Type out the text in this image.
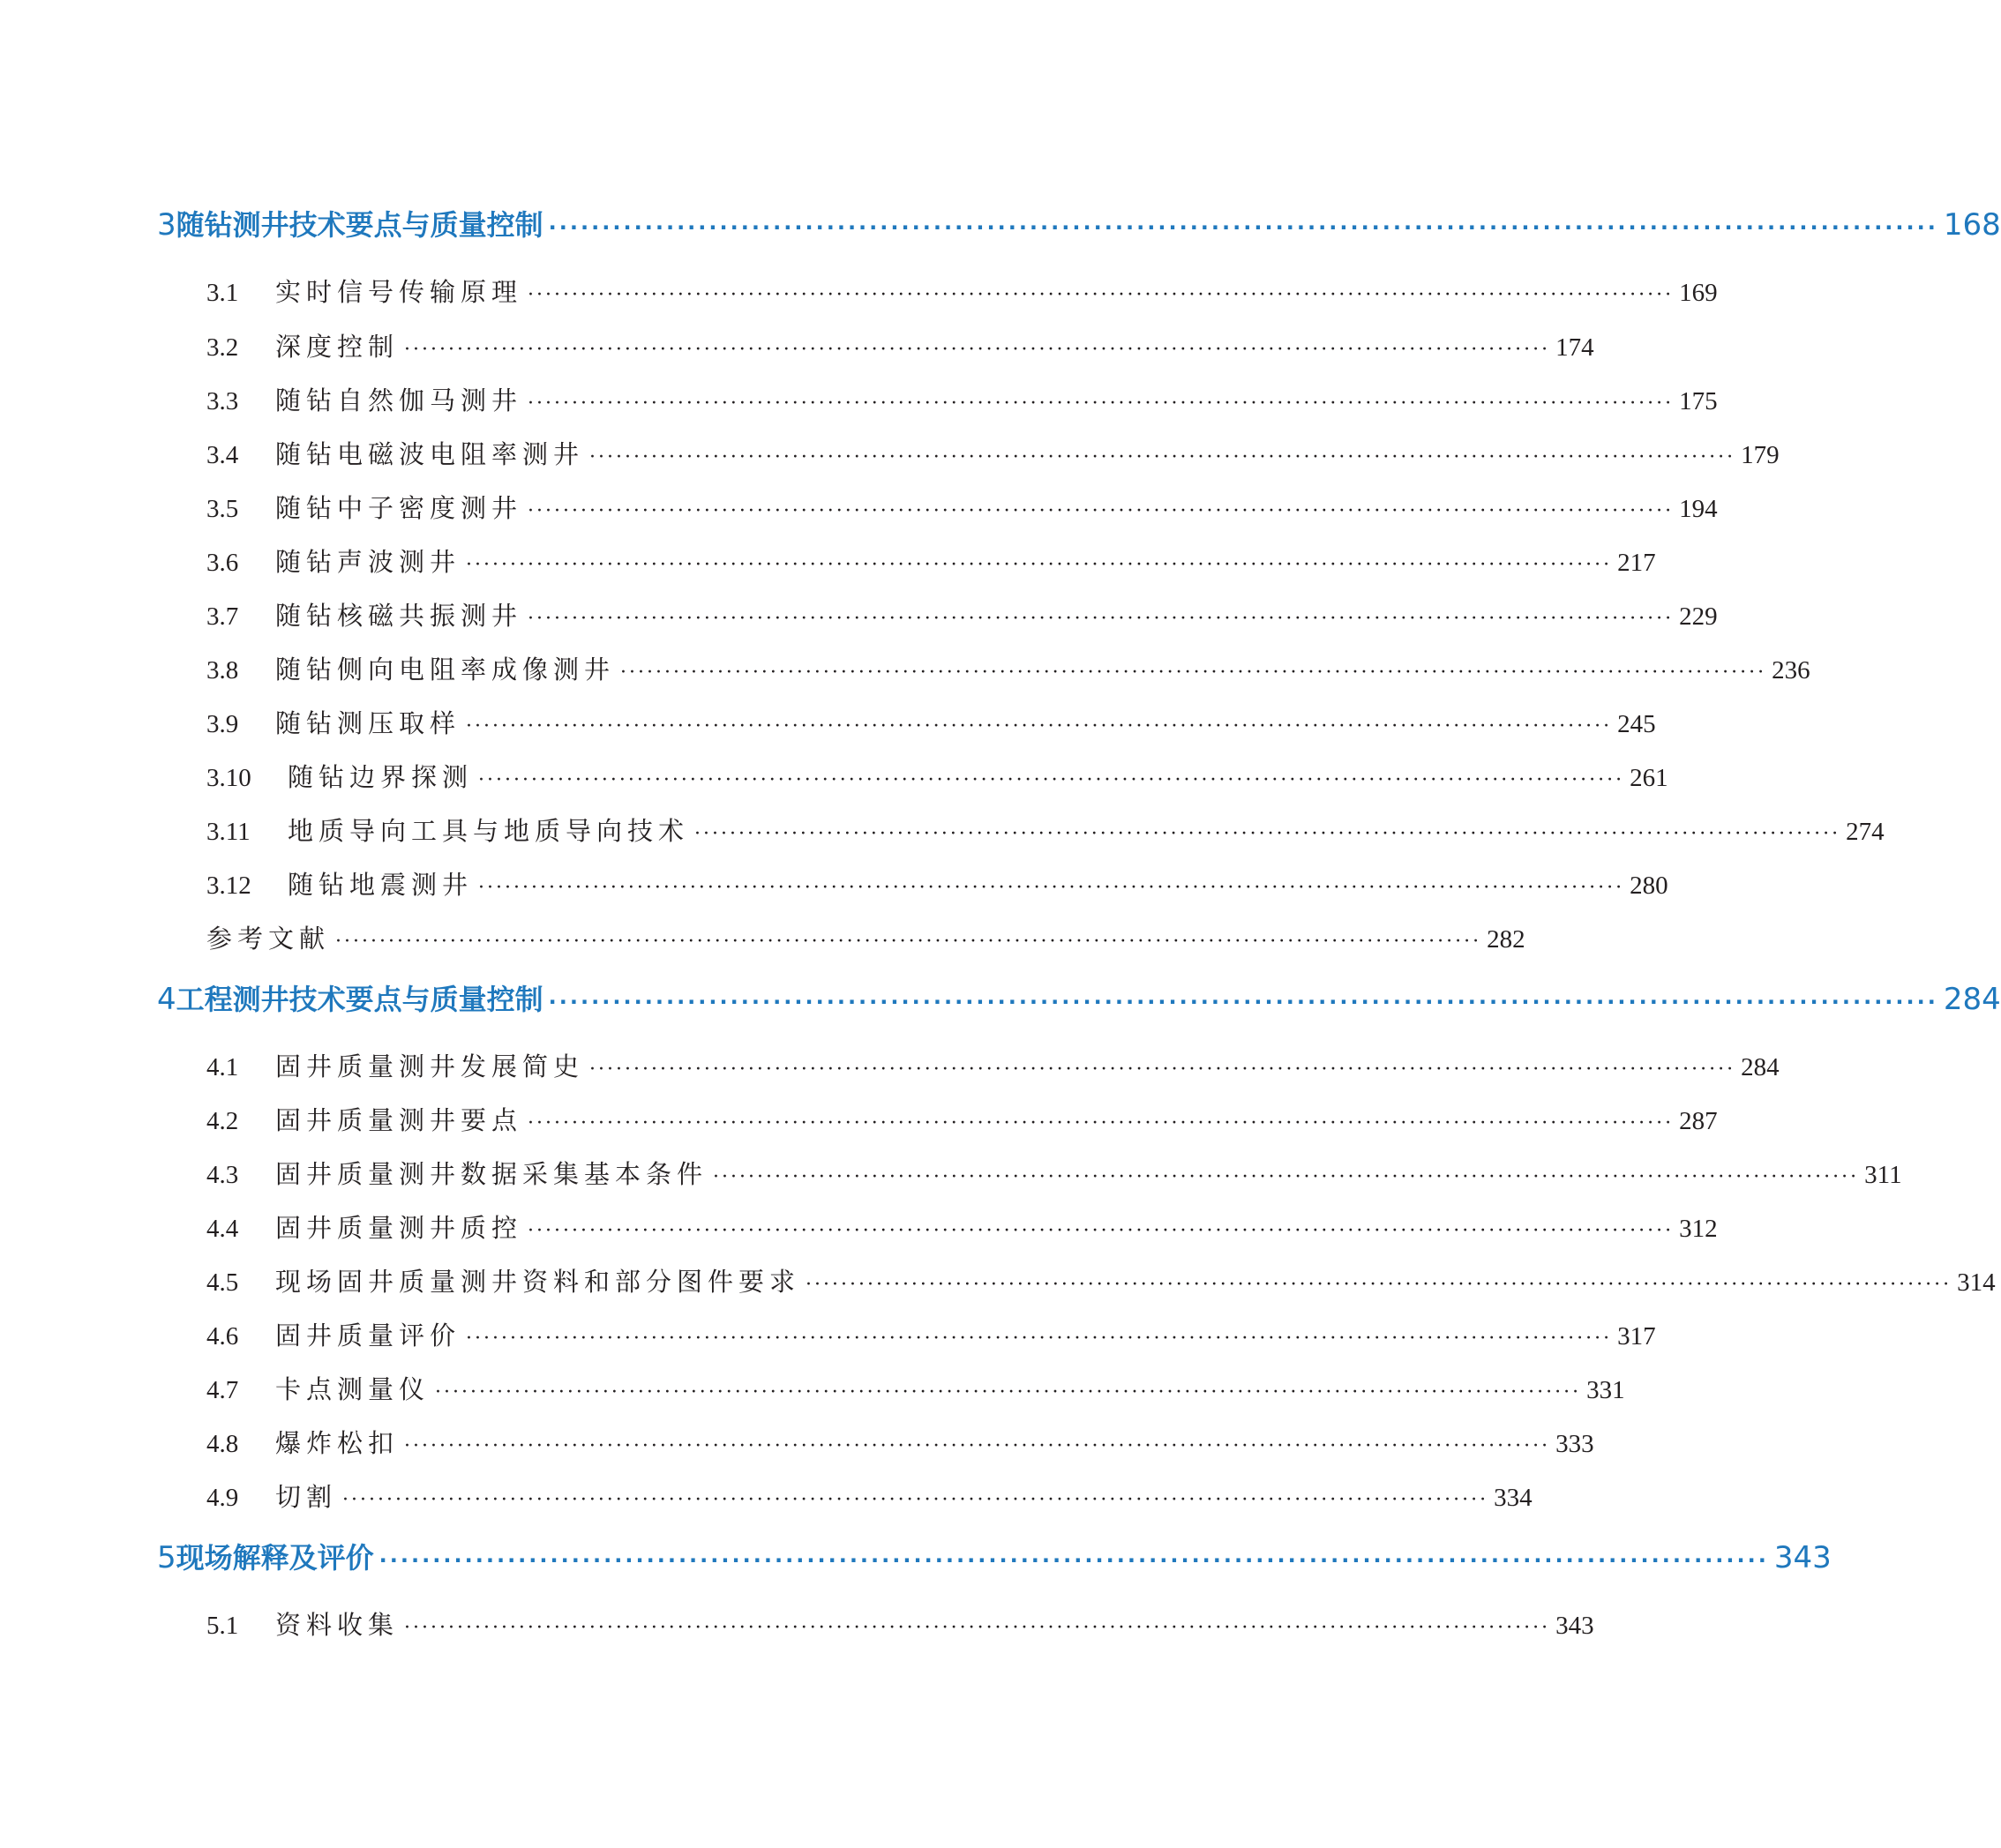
3 随钻测井技术要点与质量控制 ·································································································································· 168
3.1	实时信号传输原理 ·································································································································· 169
3.2	深度控制 ·································································································································· 174
3.3	随钻自然伽马测井 ·································································································································· 175
3.4	随钻电磁波电阻率测井 ·································································································································· 179
3.5	随钻中子密度测井 ·································································································································· 194
3.6	随钻声波测井 ·································································································································· 217
3.7	随钻核磁共振测井 ·································································································································· 229
3.8	随钻侧向电阻率成像测井 ·································································································································· 236
3.9	随钻测压取样 ·································································································································· 245
3.10	随钻边界探测 ·································································································································· 261
3.11	地质导向工具与地质导向技术 ·································································································································· 274
3.12	随钻地震测井 ·································································································································· 280
参考文献 ·································································································································· 282
4 工程测井技术要点与质量控制 ·································································································································· 284
4.1	固井质量测井发展简史 ·································································································································· 284
4.2	固井质量测井要点 ·································································································································· 287
4.3	固井质量测井数据采集基本条件 ·································································································································· 311
4.4	固井质量测井质控 ·································································································································· 312
4.5	现场固井质量测井资料和部分图件要求 ·································································································································· 314
4.6	固井质量评价 ·································································································································· 317
4.7	卡点测量仪 ·································································································································· 331
4.8	爆炸松扣 ·································································································································· 333
4.9	切割 ·································································································································· 334
5 现场解释及评价 ·································································································································· 343
5.1	资料收集 ·································································································································· 343
